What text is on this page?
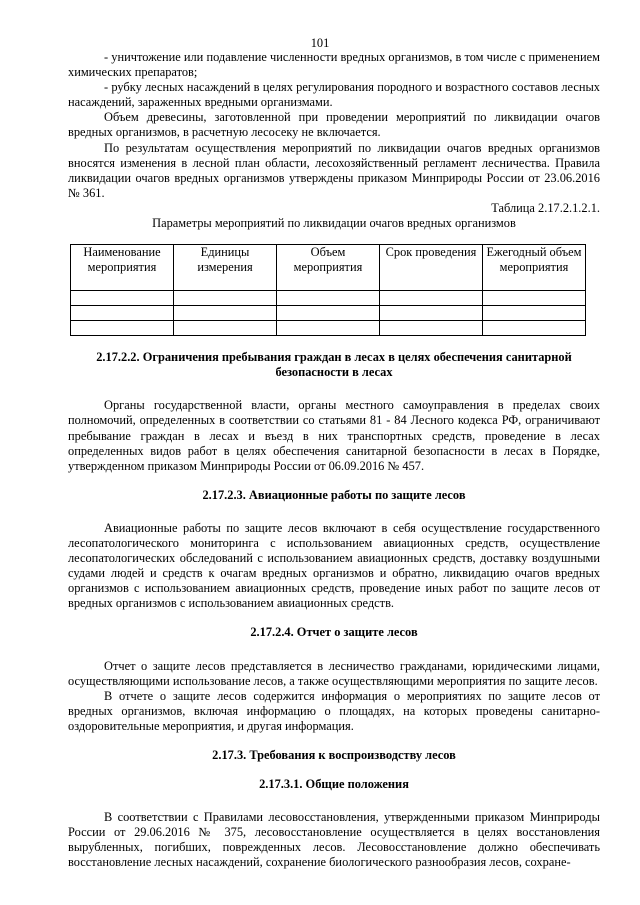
101

- уничтожение или подавление численности вредных организмов, в том числе с применением химических препаратов;

- рубку лесных насаждений в целях регулирования породного и возрастного составов лесных насаждений, зараженных вредными организмами.

Объем древесины, заготовленной при проведении мероприятий по ликвидации очагов вредных организмов, в расчетную лесосеку не включается.

По результатам осуществления мероприятий по ликвидации очагов вредных организмов вносятся изменения в лесной план области, лесохозяйственный регламент лесничества. Правила ликвидации очагов вредных организмов утверждены приказом Минприроды России от 23.06.2016 № 361.

Таблица 2.17.2.1.2.1.

Параметры мероприятий по ликвидации очагов вредных организмов

Наименование мероприятия	Единицы измерения	Объем мероприятия	Срок проведения	Ежегодный объем мероприятия

2.17.2.2. Ограничения пребывания граждан в лесах в целях обеспечения санитарной безопасности в лесах

Органы государственной власти, органы местного самоуправления в пределах своих полномочий, определенных в соответствии со статьями 81 - 84 Лесного кодекса РФ, ограничивают пребывание граждан в лесах и въезд в них транспортных средств, проведение в лесах определенных видов работ в целях обеспечения санитарной безопасности в лесах в Порядке, утвержденном приказом Минприроды России от 06.09.2016 № 457.

2.17.2.3. Авиационные работы по защите лесов

Авиационные работы по защите лесов включают в себя осуществление государственного лесопатологического мониторинга с использованием авиационных средств, осуществление лесопатологических обследований с использованием авиационных средств, доставку воздушными судами людей и средств к очагам вредных организмов и обратно, ликвидацию очагов вредных организмов с использованием авиационных средств, проведение иных работ по защите лесов от вредных организмов с использованием авиационных средств.

2.17.2.4. Отчет о защите лесов

Отчет о защите лесов представляется в лесничество гражданами, юридическими лицами, осуществляющими использование лесов, а также осуществляющими мероприятия по защите лесов.

В отчете о защите лесов содержится информация о мероприятиях по защите лесов от вредных организмов, включая информацию о площадях, на которых проведены санитарно-оздоровительные мероприятия, и другая информация.

2.17.3. Требования к воспроизводству лесов

2.17.3.1. Общие положения

В соответствии с Правилами лесовосстановления, утвержденными приказом Минприроды России от 29.06.2016 № 375, лесовосстановление осуществляется в целях восстановления вырубленных, погибших, поврежденных лесов. Лесовосстановление должно обеспечивать восстановление лесных насаждений, сохранение биологического разнообразия лесов, сохране-
